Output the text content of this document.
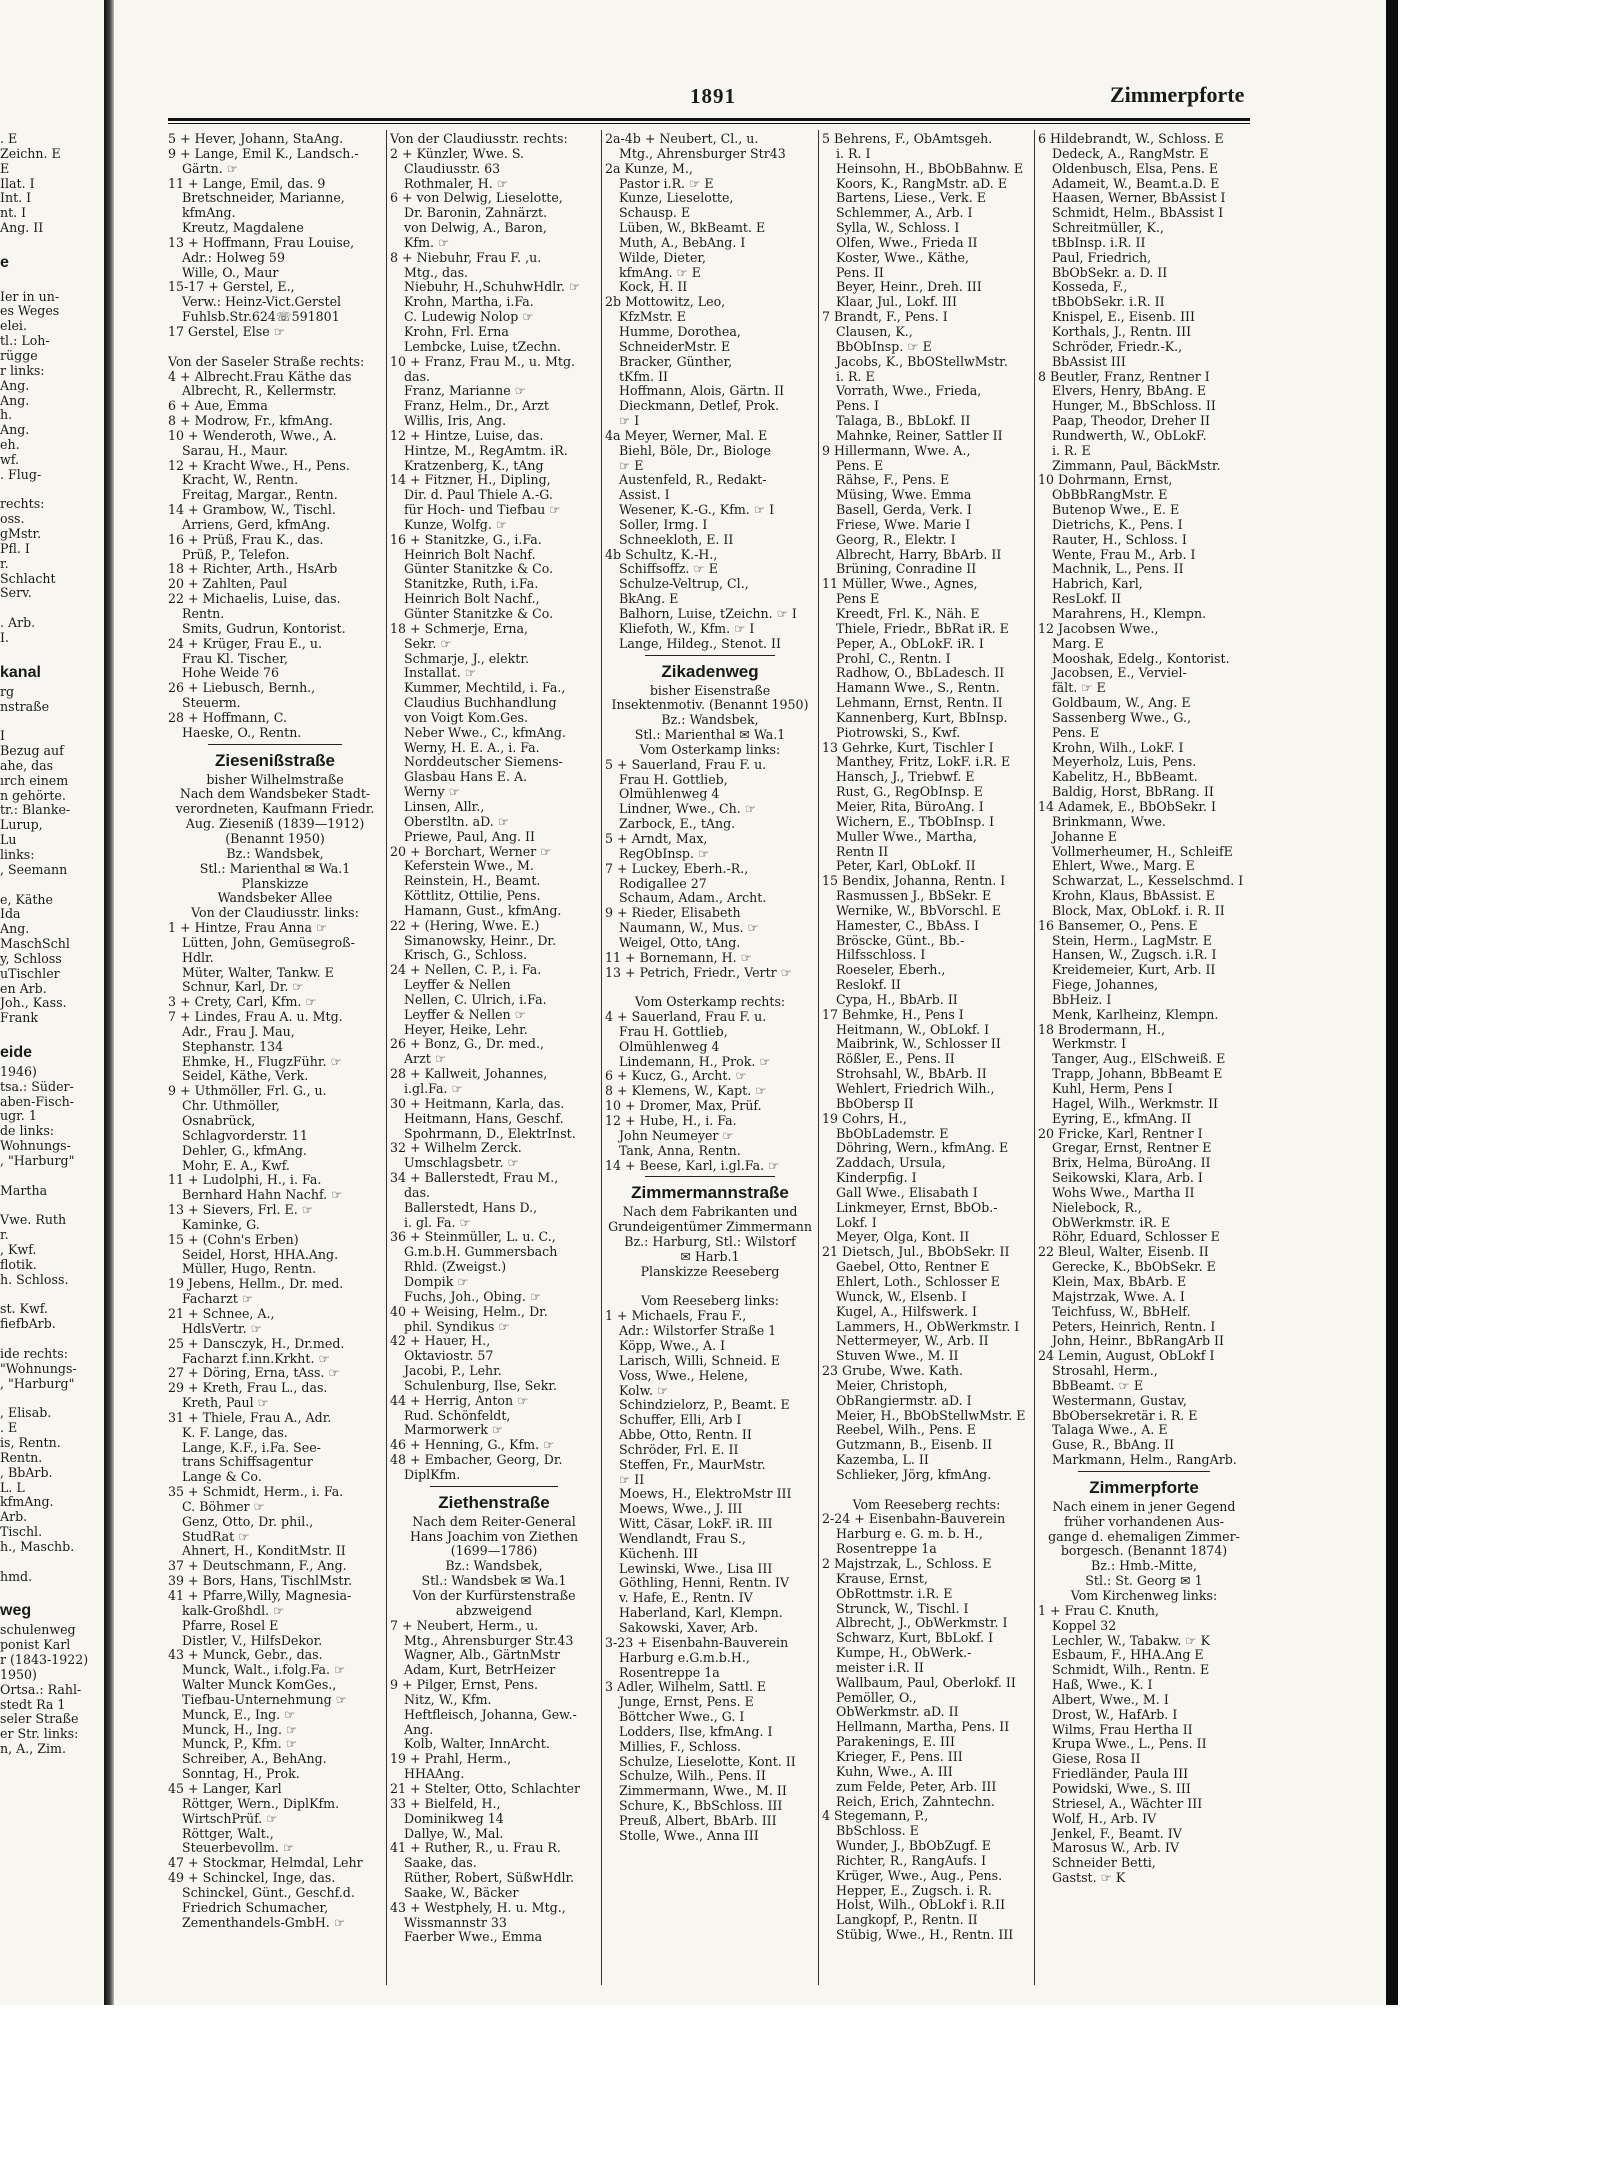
. E
Zeichn. E
E
Ilat. I
Int. I
nt. I
Ang. II

e

Ier in un-
es Weges
elei.
tl.: Loh-
rügge
r links:
Ang.
Ang.
h.
Ang.
eh.
wf.
. Flug-

rechts:
oss.
gMstr.
Pfl. I
r.
Schlacht
Serv.

. Arb.
I.

kanal
rg
nstraße

I
Bezug auf
ahe, das
ırch einem
n gehörte.
tr.: Blanke-
Lurup,
Lu
links:
, Seemann

e, Käthe
Ida
Ang.
MaschSchl
y, Schloss
uTischler
en Arb.
Joh., Kass.
Frank

eide
1946)
tsa.: Süder-
aben-Fisch-
ugr. 1
de links:
Wohnungs-
, "Harburg"

Martha

Vwe. Ruth
r.
, Kwf.
flotik.
h. Schloss.

st. Kwf.
fiefbArb.

ide rechts:
"Wohnungs-
, "Harburg"

, Elisab.
. E
is, Rentn.
Rentn.
, BbArb.
L. L
kfmAng.
Arb.
Tischl.
h., Maschb.

hmd.

weg
schulenweg
ponist Karl
r (1843-1922)
1950)
Ortsa.: Rahl-
stedt Ra 1
seler Straße
er Str. links:
n, A., Zim.
1891	Zimmerpforte
5 + Hever, Johann, StaAng.
9 + Lange, Emil K., Landsch.-
Gärtn. ☞
11 + Lange, Emil, das. 9
Bretschneider, Marianne,
kfmAng.
Kreutz, Magdalene
13 + Hoffmann, Frau Louise,
Adr.: Holweg 59
Wille, O., Maur
15-17 + Gerstel, E.,
Verw.: Heinz-Vict.Gerstel
Fuhlsb.Str.624☏591801
17 Gerstel, Else ☞

Von der Saseler Straße rechts:
4 + Albrecht.Frau Käthe das
Albrecht, R., Kellermstr.
6 + Aue, Emma
8 + Modrow, Fr., kfmAng.
10 + Wenderoth, Wwe., A.
Sarau, H., Maur.
12 + Kracht Wwe., H., Pens.
Kracht, W., Rentn.
Freitag, Margar., Rentn.
14 + Grambow, W., Tischl.
Arriens, Gerd, kfmAng.
16 + Prüß, Frau K., das.
Prüß, P., Telefon.
18 + Richter, Arth., HsArb
20 + Zahlten, Paul
22 + Michaelis, Luise, das.
Rentn.
Smits, Gudrun, Kontorist.
24 + Krüger, Frau E., u.
Frau Kl. Tischer,
Hohe Weide 76
26 + Liebusch, Bernh.,
Steuerm.
28 + Hoffmann, C.
Haeske, O., Rentn.

Ziesenißstraße
bisher Wilhelmstraße
Nach dem Wandsbeker Stadt-
verordneten, Kaufmann Friedr.
Aug. Zieseniß (1839—1912)
(Benannt 1950)
Bz.: Wandsbek,
Stl.: Marienthal ✉ Wa.1
Planskizze
Wandsbeker Allee
Von der Claudiusstr. links:
1 + Hintze, Frau Anna ☞
Lütten, John, Gemüsegroß-
Hdlr.
Müter, Walter, Tankw. E
Schnur, Karl, Dr. ☞
3 + Crety, Carl, Kfm. ☞
7 + Lindes, Frau A. u. Mtg.
Adr., Frau J. Mau,
Stephanstr. 134
Ehmke, H., FlugzFühr. ☞
Seidel, Käthe, Verk.
9 + Uthmöller, Frl. G., u.
Chr. Uthmöller,
Osnabrück,
Schlagvorderstr. 11
Dehler, G., kfmAng.
Mohr, E. A., Kwf.
11 + Ludolphi, H., i. Fa.
Bernhard Hahn Nachf. ☞
13 + Sievers, Frl. E. ☞
Kaminke, G.
15 + (Cohn's Erben)
Seidel, Horst, HHA.Ang.
Müller, Hugo, Rentn.
19 Jebens, Hellm., Dr. med.
Facharzt ☞
21 + Schnee, A.,
HdlsVertr. ☞
25 + Dansczyk, H., Dr.med.
Facharzt f.inn.Krkht. ☞
27 + Döring, Erna, tAss. ☞
29 + Kreth, Frau L., das.
Kreth, Paul ☞
31 + Thiele, Frau A., Adr.
K. F. Lange, das.
Lange, K.F., i.Fa. See-
trans Schiffsagentur
Lange & Co.
35 + Schmidt, Herm., i. Fa.
C. Böhmer ☞
Genz, Otto, Dr. phil.,
StudRat ☞
Ahnert, H., KonditMstr. II
37 + Deutschmann, F., Ang.
39 + Bors, Hans, TischlMstr.
41 + Pfarre,Willy, Magnesia-
kalk-Großhdl. ☞
Pfarre, Rosel E
Distler, V., HilfsDekor.
43 + Munck, Gebr., das.
Munck, Walt., i.folg.Fa. ☞
Walter Munck KomGes.,
Tiefbau-Unternehmung ☞
Munck, E., Ing. ☞
Munck, H., Ing. ☞
Munck, P., Kfm. ☞
Schreiber, A., BehAng.
Sonntag, H., Prok.
45 + Langer, Karl
Röttger, Wern., DiplKfm.
WirtschPrüf. ☞
Röttger, Walt.,
Steuerbevollm. ☞
47 + Stockmar, Helmdal, Lehr
49 + Schinckel, Inge, das.
Schinckel, Günt., Geschf.d.
Friedrich Schumacher,
Zementhandels-GmbH. ☞
Von der Claudiusstr. rechts:
2 + Künzler, Wwe. S.
Claudiusstr. 63
Rothmaler, H. ☞
6 + von Delwig, Lieselotte,
Dr. Baronin, Zahnärzt.
von Delwig, A., Baron,
Kfm. ☞
8 + Niebuhr, Frau F. ,u.
Mtg., das.
Niebuhr, H.,SchuhwHdlr. ☞
Krohn, Martha, i.Fa.
C. Ludewig Nolop ☞
Krohn, Frl. Erna
Lembcke, Luise, tZechn.
10 + Franz, Frau M., u. Mtg.
das.
Franz, Marianne ☞
Franz, Helm., Dr., Arzt
Willis, Iris, Ang.
12 + Hintze, Luise, das.
Hintze, M., RegAmtm. iR.
Kratzenberg, K., tAng
14 + Fitzner, H., Dipling,
Dir. d. Paul Thiele A.-G.
für Hoch- und Tiefbau ☞
Kunze, Wolfg. ☞
16 + Stanitzke, G., i.Fa.
Heinrich Bolt Nachf.
Günter Stanitzke & Co.
Stanitzke, Ruth, i.Fa.
Heinrich Bolt Nachf.,
Günter Stanitzke & Co.
18 + Schmerje, Erna,
Sekr. ☞
Schmarje, J., elektr.
Installat. ☞
Kummer, Mechtild, i. Fa.,
Claudius Buchhandlung
von Voigt Kom.Ges.
Neber Wwe., C., kfmAng.
Werny, H. E. A., i. Fa.
Norddeutscher Siemens-
Glasbau Hans E. A.
Werny ☞
Linsen, Allr.,
Oberstltn. aD. ☞
Priewe, Paul, Ang. II
20 + Borchart, Werner ☞
Keferstein Wwe., M.
Reinstein, H., Beamt.
Köttlitz, Ottilie, Pens.
Hamann, Gust., kfmAng.
22 + (Hering, Wwe. E.)
Simanowsky, Heinr., Dr.
Krisch, G., Schloss.
24 + Nellen, C. P., i. Fa.
Leyffer & Nellen
Nellen, C. Ulrich, i.Fa.
Leyffer & Nellen ☞
Heyer, Heike, Lehr.
26 + Bonz, G., Dr. med.,
Arzt ☞
28 + Kallweit, Johannes,
i.gl.Fa. ☞
30 + Heitmann, Karla, das.
Heitmann, Hans, Geschf.
Spohrmann, D., ElektrInst.
32 + Wilhelm Zerck.
Umschlagsbetr. ☞
34 + Ballerstedt, Frau M.,
das.
Ballerstedt, Hans D.,
i. gl. Fa. ☞
36 + Steinmüller, L. u. C.,
G.m.b.H. Gummersbach
Rhld. (Zweigst.)
Dompik ☞
Fuchs, Joh., Obing. ☞
40 + Weising, Helm., Dr.
phil. Syndikus ☞
42 + Hauer, H.,
Oktaviostr. 57
Jacobi, P., Lehr.
Schulenburg, Ilse, Sekr.
44 + Herrig, Anton ☞
Rud. Schönfeldt,
Marmorwerk ☞
46 + Henning, G., Kfm. ☞
48 + Embacher, Georg, Dr.
DiplKfm.

Ziethenstraße
Nach dem Reiter-General
Hans Joachim von Ziethen
(1699—1786)
Bz.: Wandsbek,
Stl.: Wandsbek ✉ Wa.1
Von der Kurfürstenstraße
abzweigend
7 + Neubert, Herm., u.
Mtg., Ahrensburger Str.43
Wagner, Alb., GärtnMstr
Adam, Kurt, BetrHeizer
9 + Pilger, Ernst, Pens.
Nitz, W., Kfm.
Heftfleisch, Johanna, Gew.-
Ang.
Kolb, Walter, InnArcht.
19 + Prahl, Herm.,
HHAAng.
21 + Stelter, Otto, Schlachter
33 + Bielfeld, H.,
Dominikweg 14
Dallye, W., Mal.
41 + Ruther, R., u. Frau R.
Saake, das.
Rüther, Robert, SüßwHdlr.
Saake, W., Bäcker
43 + Westphely, H. u. Mtg.,
Wissmannstr 33
Faerber Wwe., Emma
2a-4b + Neubert, Cl., u.
Mtg., Ahrensburger Str43
2a Kunze, M.,
Pastor i.R. ☞ E
Kunze, Lieselotte,
Schausp. E
Lüben, W., BkBeamt. E
Muth, A., BebAng. I
Wilde, Dieter,
kfmAng. ☞ E
Kock, H. II
2b Mottowitz, Leo,
KfzMstr. E
Humme, Dorothea,
SchneiderMstr. E
Bracker, Günther,
tKfm. II
Hoffmann, Alois, Gärtn. II
Dieckmann, Detlef, Prok.
☞ I
4a Meyer, Werner, Mal. E
Biehl, Böle, Dr., Biologe
☞ E
Austenfeld, R., Redakt-
Assist. I
Wesener, K.-G., Kfm. ☞ I
Soller, Irmg. I
Schneekloth, E. II
4b Schultz, K.-H.,
Schiffsoffz. ☞ E
Schulze-Veltrup, Cl.,
BkAng. E
Balhorn, Luise, tZeichn. ☞ I
Kliefoth, W., Kfm. ☞ I
Lange, Hildeg., Stenot. II

Zikadenweg
bisher Eisenstraße
Insektenmotiv. (Benannt 1950)
Bz.: Wandsbek,
Stl.: Marienthal ✉ Wa.1
Vom Osterkamp links:
5 + Sauerland, Frau F. u.
Frau H. Gottlieb,
Ölmühlenweg 4
Lindner, Wwe., Ch. ☞
Zarbock, E., tAng.
5 + Arndt, Max,
RegObInsp. ☞
7 + Luckey, Eberh.-R.,
Rodigallee 27
Schaum, Adam., Archt.
9 + Rieder, Elisabeth
Naumann, W., Mus. ☞
Weigel, Otto, tAng.
11 + Bornemann, H. ☞
13 + Petrich, Friedr., Vertr ☞

Vom Osterkamp rechts:
4 + Sauerland, Frau F. u.
Frau H. Gottlieb,
Ölmühlenweg 4
Lindemann, H., Prok. ☞
6 + Kucz, G., Archt. ☞
8 + Klemens, W., Kapt. ☞
10 + Dromer, Max, Prüf.
12 + Hube, H., i. Fa.
John Neumeyer ☞
Tank, Anna, Rentn.
14 + Beese, Karl, i.gl.Fa. ☞

Zimmermannstraße
Nach dem Fabrikanten und
Grundeigentümer Zimmermann
Bz.: Harburg, Stl.: Wilstorf
✉ Harb.1
Planskizze Reeseberg

Vom Reeseberg links:
1 + Michaels, Frau F.,
Adr.: Wilstorfer Straße 1
Köpp, Wwe., A. I
Larisch, Willi, Schneid. E
Voss, Wwe., Helene,
Kolw. ☞
Schindzielorz, P., Beamt. E
Schuffer, Elli, Arb I
Abbe, Otto, Rentn. II
Schröder, Frl. E. II
Steffen, Fr., MaurMstr.
☞ II
Moews, H., ElektroMstr III
Moews, Wwe., J. III
Witt, Cäsar, LokF. iR. III
Wendlandt, Frau S.,
Küchenh. III
Lewinski, Wwe., Lisa III
Göthling, Henni, Rentn. IV
v. Hafe, E., Rentn. IV
Haberland, Karl, Klempn.
Sakowski, Xaver, Arb.
3-23 + Eisenbahn-Bauverein
Harburg e.G.m.b.H.,
Rosentreppe 1a
3 Adler, Wilhelm, Sattl. E
Junge, Ernst, Pens. E
Böttcher Wwe., G. I
Lodders, Ilse, kfmAng. I
Millies, F., Schloss.
Schulze, Lieselotte, Kont. II
Schulze, Wilh., Pens. II
Zimmermann, Wwe., M. II
Schure, K., BbSchloss. III
Preuß, Albert, BbArb. III
Stolle, Wwe., Anna III
5 Behrens, F., ObAmtsgeh.
i. R. I
Heinsohn, H., BbObBahnw. E
Koors, K., RangMstr. aD. E
Bartens, Liese., Verk. E
Schlemmer, A., Arb. I
Sylla, W., Schloss. I
Olfen, Wwe., Frieda II
Koster, Wwe., Käthe,
Pens. II
Beyer, Heinr., Dreh. III
Klaar, Jul., Lokf. III
7 Brandt, F., Pens. I
Clausen, K.,
BbObInsp. ☞ E
Jacobs, K., BbOStellwMstr.
i. R. E
Vorrath, Wwe., Frieda,
Pens. I
Talaga, B., BbLokf. II
Mahnke, Reiner, Sattler II
9 Hillermann, Wwe. A.,
Pens. E
Rähse, F., Pens. E
Müsing, Wwe. Emma
Basell, Gerda, Verk. I
Friese, Wwe. Marie I
Georg, R., Elektr. I
Albrecht, Harry, BbArb. II
Brüning, Conradine II
11 Müller, Wwe., Agnes,
Pens E
Kreedt, Frl. K., Näh. E
Thiele, Friedr., BbRat iR. E
Peper, A., ObLokF. iR. I
Prohl, C., Rentn. I
Radhow, O., BbLadesch. II
Hamann Wwe., S., Rentn.
Lehmann, Ernst, Rentn. II
Kannenberg, Kurt, BbInsp.
Piotrowski, S., Kwf.
13 Gehrke, Kurt, Tischler I
Manthey, Fritz, LokF. i.R. E
Hansch, J., Triebwf. E
Rust, G., RegObInsp. E
Meier, Rita, BüroAng. I
Wichern, E., TbObInsp. I
Muller Wwe., Martha,
Rentn II
Peter, Karl, ObLokf. II
15 Bendix, Johanna, Rentn. I
Rasmussen J., BbSekr. E
Wernike, W., BbVorschl. E
Hamester, C., BbAss. I
Bröscke, Günt., Bb.-
Hilfsschloss. I
Roeseler, Eberh.,
Reslokf. II
Cypa, H., BbArb. II
17 Behmke, H., Pens I
Heitmann, W., ObLokf. I
Maibrink, W., Schlosser II
Rößler, E., Pens. II
Strohsahl, W., BbArb. II
Wehlert, Friedrich Wilh.,
BbObersp II
19 Cohrs, H.,
BbObLademstr. E
Döhring, Wern., kfmAng. E
Zaddach, Ursula,
Kinderpfig. I
Gall Wwe., Elisabath I
Linkmeyer, Ernst, BbOb.-
Lokf. I
Meyer, Olga, Kont. II
21 Dietsch, Jul., BbObSekr. II
Gaebel, Otto, Rentner E
Ehlert, Loth., Schlosser E
Wunck, W., Elsenb. I
Kugel, A., Hilfswerk. I
Lammers, H., ObWerkmstr. I
Nettermeyer, W., Arb. II
Stuven Wwe., M. II
23 Grube, Wwe. Kath.
Meier, Christoph,
ObRangiermstr. aD. I
Meier, H., BbObStellwMstr. E
Reebel, Wilh., Pens. E
Gutzmann, B., Eisenb. II
Kazemba, L. II
Schlieker, Jörg, kfmAng.

Vom Reeseberg rechts:
2-24 + Eisenbahn-Bauverein
Harburg e. G. m. b. H.,
Rosentreppe 1a
2 Majstrzak, L., Schloss. E
Krause, Ernst,
ObRottmstr. i.R. E
Strunck, W., Tischl. I
Albrecht, J., ObWerkmstr. I
Schwarz, Kurt, BbLokf. I
Kumpe, H., ObWerk.-
meister i.R. II
Wallbaum, Paul, Oberlokf. II
Pemöller, O.,
ObWerkmstr. aD. II
Hellmann, Martha, Pens. II
Parakenings, E. III
Krieger, F., Pens. III
Kuhn, Wwe., A. III
zum Felde, Peter, Arb. III
Reich, Erich, Zahntechn.
4 Stegemann, P.,
BbSchloss. E
Wunder, J., BbObZugf. E
Richter, R., RangAufs. I
Krüger, Wwe., Aug., Pens.
Hepper, E., Zugsch. i. R.
Holst, Wilh., ObLokf i. R.II
Langkopf, P., Rentn. II
Stübig, Wwe., H., Rentn. III
6 Hildebrandt, W., Schloss. E
Dedeck, A., RangMstr. E
Oldenbusch, Elsa, Pens. E
Adameit, W., Beamt.a.D. E
Haasen, Werner, BbAssist I
Schmidt, Helm., BbAssist I
Schreitmüller, K.,
tBbInsp. i.R. II
Paul, Friedrich,
BbObSekr. a. D. II
Kosseda, F.,
tBbObSekr. i.R. II
Knispel, E., Eisenb. III
Korthals, J., Rentn. III
Schröder, Friedr.-K.,
BbAssist III
8 Beutler, Franz, Rentner I
Elvers, Henry, BbAng. E
Hunger, M., BbSchloss. II
Paap, Theodor, Dreher II
Rundwerth, W., ObLokF.
i. R. E
Zimmann, Paul, BäckMstr.
10 Dohrmann, Ernst,
ObBbRangMstr. E
Butenop Wwe., E. E
Dietrichs, K., Pens. I
Rauter, H., Schloss. I
Wente, Frau M., Arb. I
Machnik, L., Pens. II
Habrich, Karl,
ResLokf. II
Marahrens, H., Klempn.
12 Jacobsen Wwe.,
Marg. E
Mooshak, Edelg., Kontorist.
Jacobsen, E., Verviel-
fält. ☞ E
Goldbaum, W., Ang. E
Sassenberg Wwe., G.,
Pens. E
Krohn, Wilh., LokF. I
Meyerholz, Luis, Pens.
Kabelitz, H., BbBeamt.
Baldig, Horst, BbRang. II
14 Adamek, E., BbObSekr. I
Brinkmann, Wwe.
Johanne E
Vollmerheumer, H., SchleifE
Ehlert, Wwe., Marg. E
Schwarzat, L., Kesselschmd. I
Krohn, Klaus, BbAssist. E
Block, Max, ObLokf. i. R. II
16 Bansemer, O., Pens. E
Stein, Herm., LagMstr. E
Hansen, W., Zugsch. i.R. I
Kreidemeier, Kurt, Arb. II
Fiege, Johannes,
BbHeiz. I
Menk, Karlheinz, Klempn.
18 Brodermann, H.,
Werkmstr. I
Tanger, Aug., ElSchweiß. E
Trapp, Johann, BbBeamt E
Kuhl, Herm, Pens I
Hagel, Wilh., Werkmstr. II
Eyring, E., kfmAng. II
20 Fricke, Karl, Rentner I
Gregar, Ernst, Rentner E
Brix, Helma, BüroAng. II
Seikowski, Klara, Arb. I
Wohs Wwe., Martha II
Nielebock, R.,
ObWerkmstr. iR. E
Röhr, Eduard, Schlosser E
22 Bleul, Walter, Eisenb. II
Gerecke, K., BbObSekr. E
Klein, Max, BbArb. E
Majstrzak, Wwe. A. I
Teichfuss, W., BbHelf.
Peters, Heinrich, Rentn. I
John, Heinr., BbRangArb II
24 Lemin, August, ObLokf I
Strosahl, Herm.,
BbBeamt. ☞ E
Westermann, Gustav,
BbObersekretär i. R. E
Talaga Wwe., A. E
Guse, R., BbAng. II
Markmann, Helm., RangArb.

Zimmerpforte
Nach einem in jener Gegend
früher vorhandenen Aus-
gange d. ehemaligen Zimmer-
borgesch. (Benannt 1874)
Bz.: Hmb.-Mitte,
Stl.: St. Georg ✉ 1
Vom Kirchenweg links:
1 + Frau C. Knuth,
Koppel 32
Lechler, W., Tabakw. ☞ K
Esbaum, F., HHA.Ang E
Schmidt, Wilh., Rentn. E
Haß, Wwe., K. I
Albert, Wwe., M. I
Drost, W., HafArb. I
Wilms, Frau Hertha II
Krupa Wwe., L., Pens. II
Giese, Rosa II
Friedländer, Paula III
Powidski, Wwe., S. III
Striesel, A., Wächter III
Wolf, H., Arb. IV
Jenkel, F., Beamt. IV
Marosus W., Arb. IV
Schneider Betti,
Gastst. ☞ K
